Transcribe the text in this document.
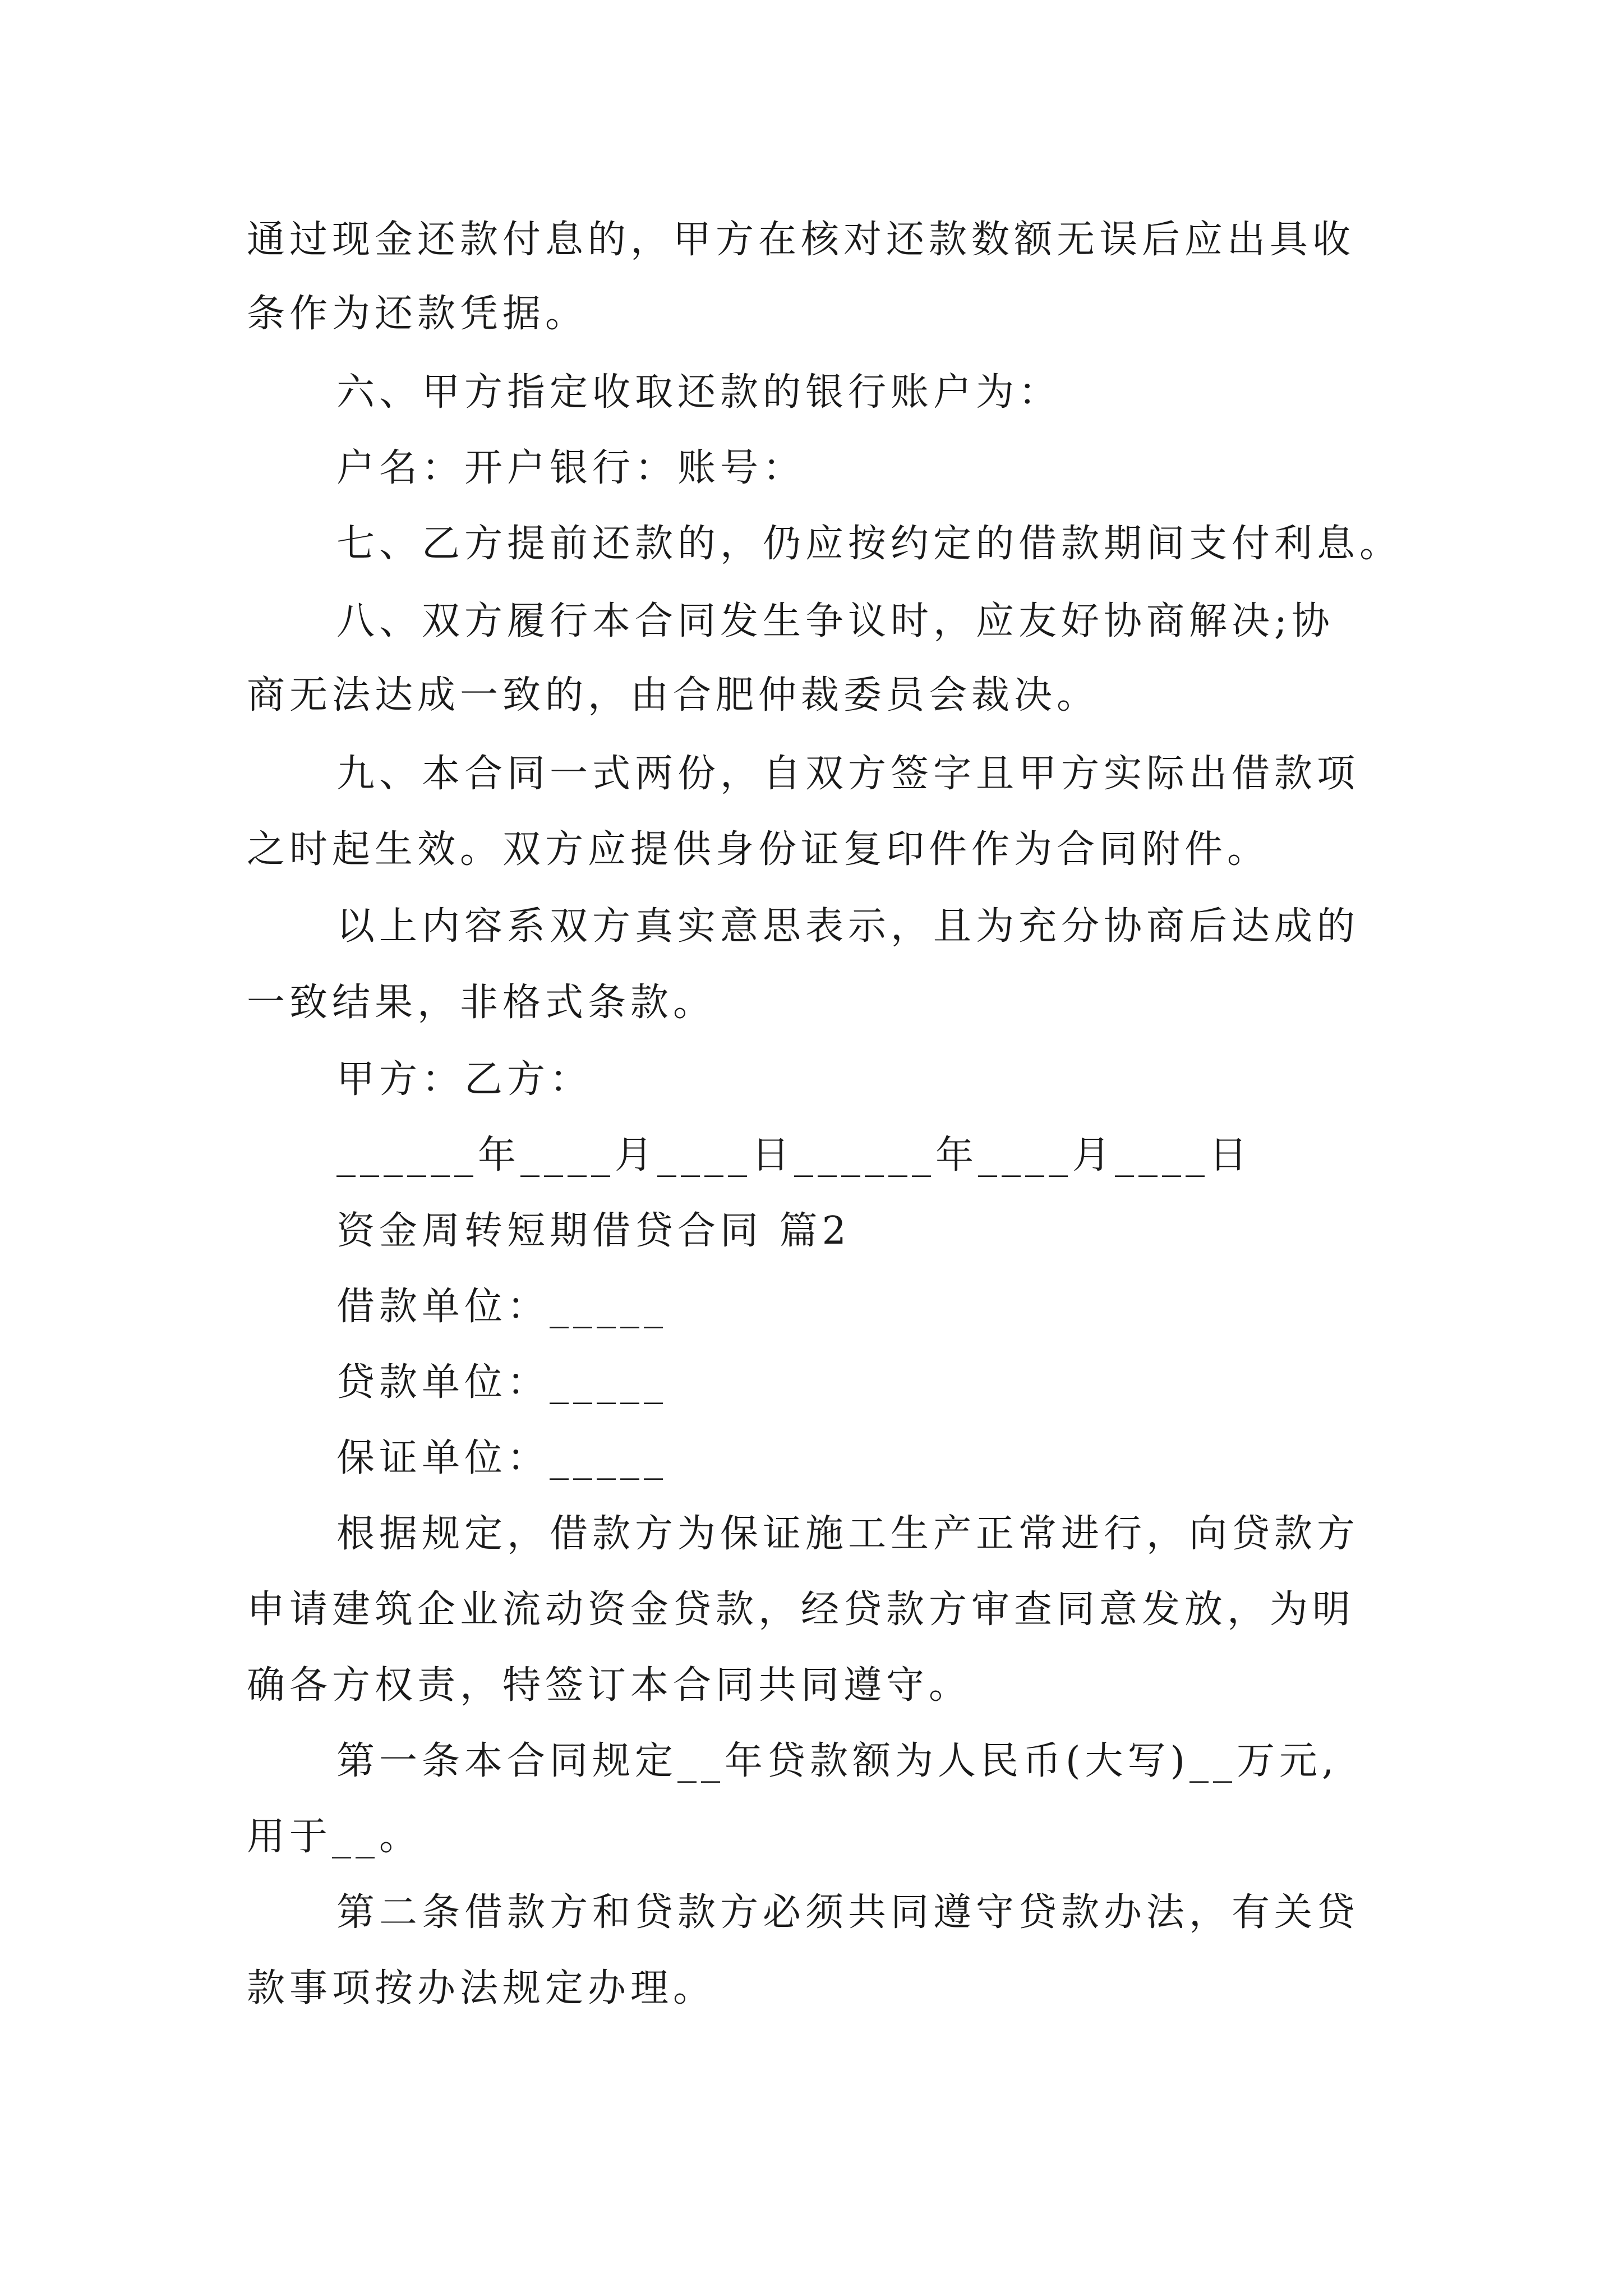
通过现金还款付息的，甲方在核对还款数额无误后应出具收
条作为还款凭据。
六、甲方指定收取还款的银行账户为：
户名：开户银行：账号：
七、乙方提前还款的，仍应按约定的借款期间支付利息。
八、双方履行本合同发生争议时，应友好协商解决;协
商无法达成一致的，由合肥仲裁委员会裁决。
九、本合同一式两份，自双方签字且甲方实际出借款项
之时起生效。双方应提供身份证复印件作为合同附件。
以上内容系双方真实意思表示，且为充分协商后达成的
一致结果，非格式条款。
甲方：乙方：
______年____月____日______年____月____日
资金周转短期借贷合同 篇2
借款单位：_____
贷款单位：_____
保证单位：_____
根据规定，借款方为保证施工生产正常进行，向贷款方
申请建筑企业流动资金贷款，经贷款方审查同意发放，为明
确各方权责，特签订本合同共同遵守。
第一条本合同规定__年贷款额为人民币(大写)__万元,
用于__。
第二条借款方和贷款方必须共同遵守贷款办法，有关贷
款事项按办法规定办理。
